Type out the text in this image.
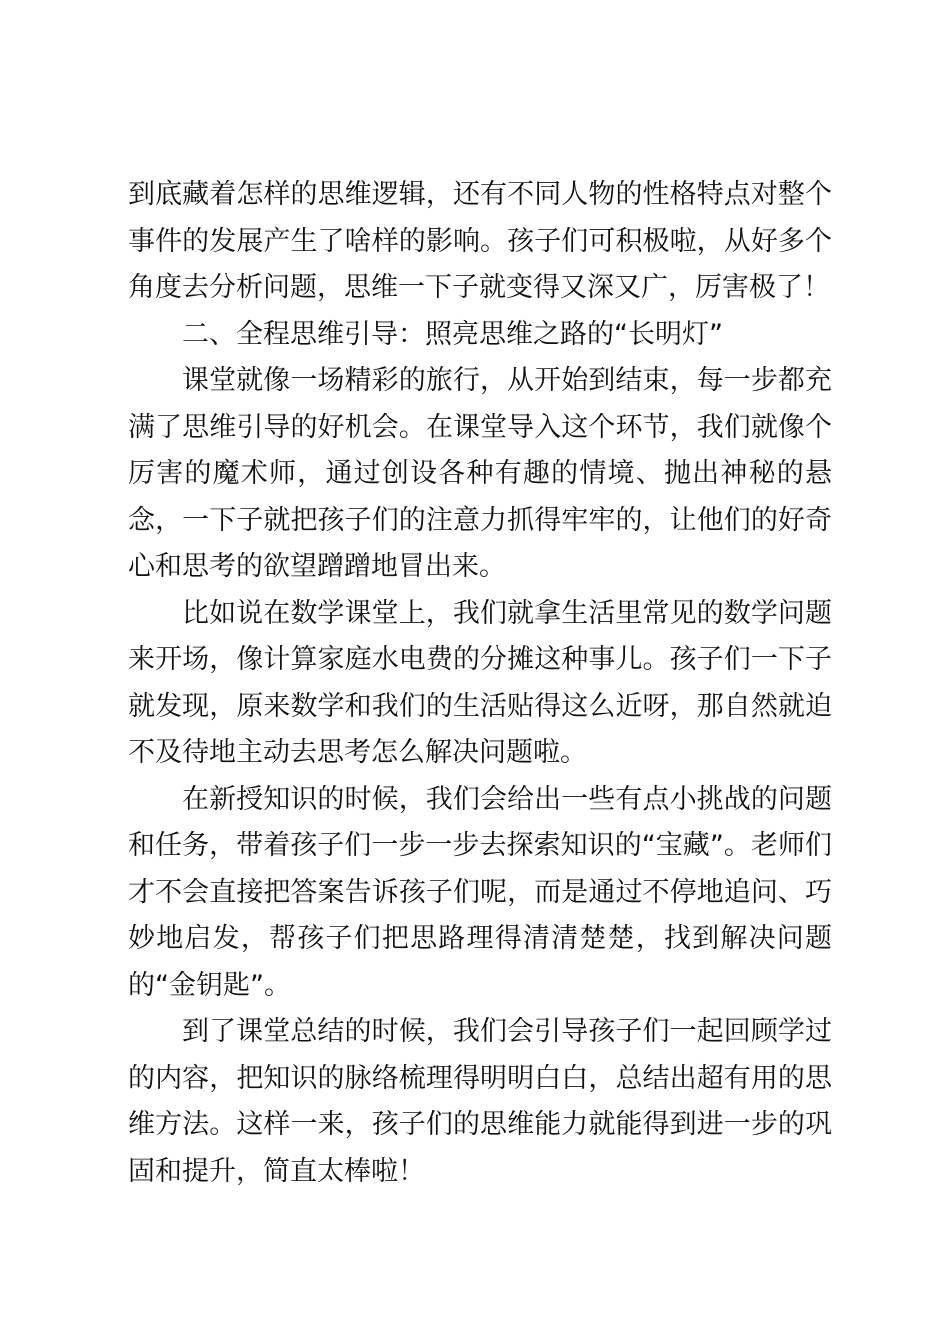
到底藏着怎样的思维逻辑，还有不同人物的性格特点对整个事件的发展产生了啥样的影响。孩子们可积极啦，从好多个角度去分析问题，思维一下子就变得又深又广，厉害极了！

二、全程思维引导：照亮思维之路的“长明灯”

课堂就像一场精彩的旅行，从开始到结束，每一步都充满了思维引导的好机会。在课堂导入这个环节，我们就像个厉害的魔术师，通过创设各种有趣的情境、抛出神秘的悬念，一下子就把孩子们的注意力抓得牢牢的，让他们的好奇心和思考的欲望蹭蹭地冒出来。

比如说在数学课堂上，我们就拿生活里常见的数学问题来开场，像计算家庭水电费的分摊这种事儿。孩子们一下子就发现，原来数学和我们的生活贴得这么近呀，那自然就迫不及待地主动去思考怎么解决问题啦。

在新授知识的时候，我们会给出一些有点小挑战的问题和任务，带着孩子们一步一步去探索知识的“宝藏”。老师们才不会直接把答案告诉孩子们呢，而是通过不停地追问、巧妙地启发，帮孩子们把思路理得清清楚楚，找到解决问题的“金钥匙”。

到了课堂总结的时候，我们会引导孩子们一起回顾学过的内容，把知识的脉络梳理得明明白白，总结出超有用的思维方法。这样一来，孩子们的思维能力就能得到进一步的巩固和提升，简直太棒啦！
